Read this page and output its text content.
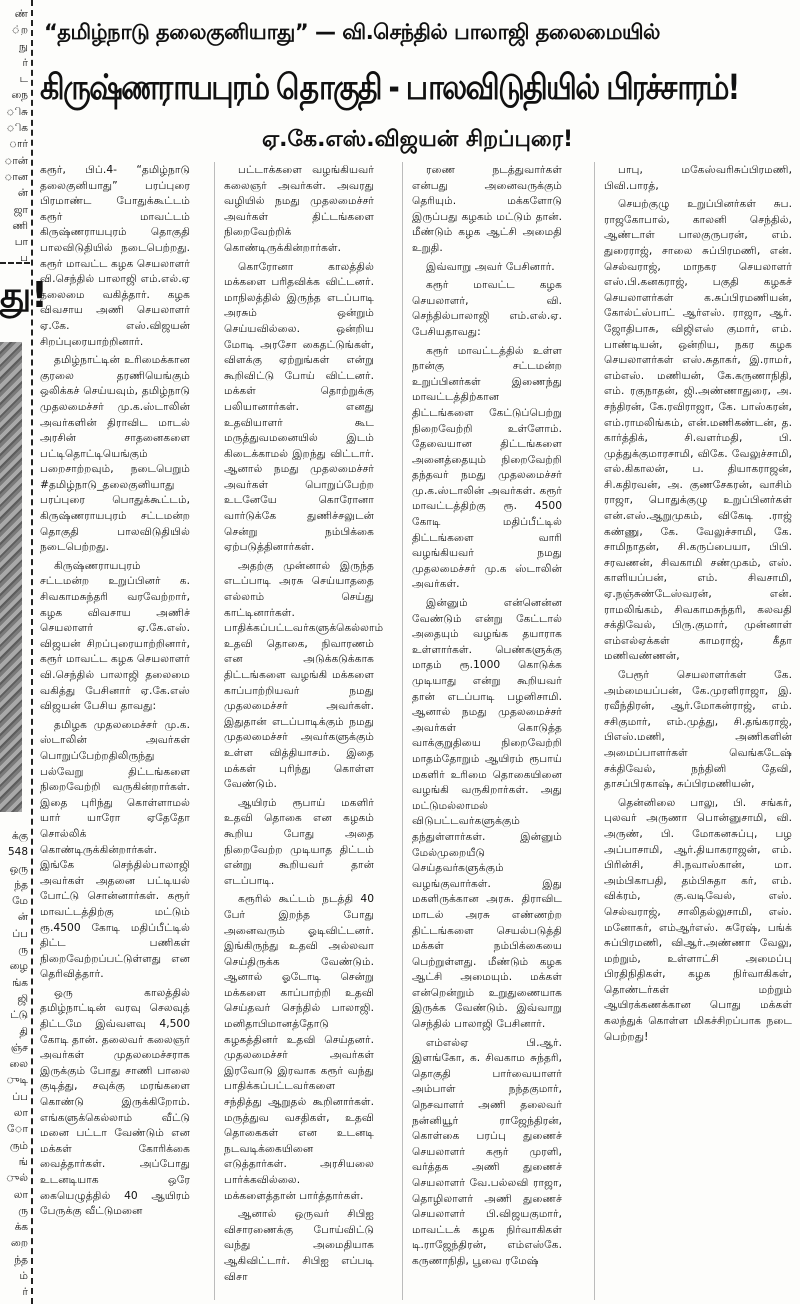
ண்
்ற
நு
ர்
ட
நை
ிசு
ிக
ார்
ான்
ான
ன்
ஜா
ணி
பா
ப
து!
க்கு
548
ஒரு
ந்த
மே
ன்
ப்ப
ரு
ழை
ங்க
ஜி
ட்டு
தி
ஞ்ச
லை
ுடி
ப்ப
லா
ோ
ரும்
ங்
ுல்
லா
ரு
க்க
றை
ந்த
ம்
ர்
“தமிழ்நாடு தலைகுனியாது” — வி.செந்தில் பாலாஜி தலைமையில்
கிருஷ்ணராயபுரம் தொகுதி - பாலவிடுதியில் பிரச்சாரம்!
ஏ.கே.எஸ்.விஜயன் சிறப்புரை!

கரூர், பிப்.4- “தமிழ்நாடு தலைகுனியாது” பரப்புரை பிரமாண்ட போதுக்கூட்டம் கரூர் மாவட்டம் கிருஷ்ணராயபுரம் தொகுதி பாலவிடுதியில் நடைபெற்றது. கரூர் மாவட்ட கழக செயலாளர் வி.செந்தில் பாலாஜி எம்.எல்.ஏ தலைமை வகித்தார். கழக விவசாய அணி செயலாளர் ஏ.கே. எஸ்.விஜயன் சிறப்புரையாற்றினார்.

தமிழ்நாட்டின் உரிமைக்கான குரலை தரணியெங்கும் ஒலிக்கச் செய்யவும், தமிழ்நாடு முதலமைச்சர் மு.க.ஸ்டாலின் அவர்களின் திராவிட மாடல் அரசின் சாதனைகளை பட்டிதொட்டியெங்கும் பறைசாற்றவும், நடைபெறும் #தமிழ்நாடு_தலைகுனியாது பரப்புரை பொதுக்கூட்டம், கிருஷ்ணராயபுரம் சட்டமன்ற தொகுதி பாலவிடுதியில் நடைபெற்றது.

கிருஷ்ணராயபுரம் சட்டமன்ற உறுப்பினர் க. சிவகாமசுந்தரி வரவேற்றார், கழக விவசாய அணிச் செயலாளர் ஏ.கே.எஸ். விஜயன் சிறப்புரையாற்றினார், கரூர் மாவட்ட கழக செயலாளர் வி.செந்தில் பாலாஜி தலைமை வகித்து பேசினார் ஏ.கே.எஸ் விஜயன் பேசிய தாவது:

தமிழக முதலமைச்சர் மு.க. ஸ்டாலின் அவர்கள் பொறுப்பேற்றதிலிருந்து பல்வேறு திட்டங்களை நிறைவேற்றி வருகின்றார்கள். இதை புரிந்து கொள்ளாமல் யார் யாரோ ஏதேதோ சொல்லிக் கொண்டிருக்கின்றார்கள். இங்கே செந்தில்பாலாஜி அவர்கள் அதனை பட்டியல் போட்டு சொன்னார்கள். கரூர் மாவட்டத்திற்கு மட்டும் ரூ.4500 கோடி மதிப்பீட்டில் திட்ட பணிகள் நிறைவேற்றப்பட்டுள்ளது என தெரிவித்தார்.

ஒரு காலத்தில் தமிழ்நாட்டின் வரவு செலவுத் திட்டமே இவ்வளவு 4,500 கோடி தான். தலைவர் கலைஞர் அவர்கள் முதலமைச்சராக இருக்கும் போது சாணி பாலை குடித்து, சவுக்கு மரங்களை கொண்டு இருக்கிறோம். எங்களுக்கெல்லாம் வீட்டு மனை பட்டா வேண்டும் என மக்கள் கோரிக்கை வைத்தார்கள். அப்போது உடனடியாக ஒரே கையெழுத்தில் 40 ஆயிரம் பேருக்கு வீட்டுமனை

பட்டாக்களை வழங்கியவர் கலைஞர் அவர்கள். அவரது வழியில் நமது முதலமைச்சர் அவர்கள் திட்டங்களை நிறைவேற்றிக் கொண்டிருக்கின்றார்கள்.

கொரோனா காலத்தில் மக்களை பரிதவிக்க விட்டனர். மாநிலத்தில் இருந்த எடப்பாடி அரசும் ஒன்றும் செய்யவில்லை. ஒன்றிய மோடி அரசோ கைதட்டுங்கள், விளக்கு ஏற்றுங்கள் என்று கூறிவிட்டு போய் விட்டனர். மக்கள் தொற்றுக்கு பலியானார்கள். எனது உதவியாளர் கூட மருத்துவமனையில் இடம் கிடைக்காமல் இறந்து விட்டார். ஆனால் நமது முதலமைச்சர் அவர்கள் பொறுப்பேற்ற உடனேயே கொரோனா வார்டுக்கே துணிச்சலுடன் சென்று நம்பிக்கை ஏற்படுத்தினார்கள்.

அதற்கு முன்னால் இருந்த எடப்பாடி அரசு செய்யாததை எல்லாம் செய்து காட்டினார்கள். பாதிக்கப்பட்டவர்களுக்கெல்லாம் உதவி தொகை, நிவாரணம் என அடுக்கடுக்காக திட்டங்களை வழங்கி மக்களை காப்பாற்றியவர் நமது முதலமைச்சர் அவர்கள். இதுதான் எடப்பாடிக்கும் நமது முதலமைச்சர் அவர்களுக்கும் உள்ள வித்தியாசம். இதை மக்கள் புரிந்து கொள்ள வேண்டும்.

ஆயிரம் ரூபாய் மகளிர் உதவி தொகை என கழகம் கூறிய போது அதை நிறைவேற்ற முடியாத திட்டம் என்று கூறியவர் தான் எடப்பாடி.

கரூரில் கூட்டம் நடத்தி 40 பேர் இறந்த போது அனைவரும் ஓடிவிட்டனர். இங்கிருந்து உதவி அல்லவா செய்திருக்க வேண்டும். ஆனால் ஓடோடி சென்று மக்களை காப்பாற்றி உதவி செய்தவர் செந்தில் பாலாஜி. மனிதாபிமானத்தோடு கழகத்தினர் உதவி செய்தனர். முதலமைச்சர் அவர்கள் இரவோடு இரவாக கரூர் வந்து பாதிக்கப்பட்டவர்களை சந்தித்து ஆறுதல் கூறினார்கள். மருத்துவ வசதிகள், உதவி தொகைகள் என உடனடி நடவடிக்கையினை எடுத்தார்கள். அரசியலை பார்க்கவில்லை. மக்களைத்தான் பார்த்தார்கள்.

ஆனால் ஒருவர் சிபிஐ விசாரணைக்கு போய்விட்டு வந்து அமைதியாக ஆகிவிட்டார். சிபிஐ எப்படி விசா

ரணை நடத்துவார்கள் என்பது அனைவருக்கும் தெரியும். மக்களோடு இருப்பது கழகம் மட்டும் தான். மீண்டும் கழக ஆட்சி அமைதி உறுதி.

இவ்வாறு அவர் பேசினார்.

கரூர் மாவட்ட கழக செயலாளர், வி. செந்தில்பாலாஜி எம்.எல்.ஏ. பேசியதாவது:

கரூர் மாவட்டத்தில் உள்ள நான்கு சட்டமன்ற உறுப்பினர்கள் இணைந்து மாவட்டத்திற்கான திட்டங்களை கேட்டுப்பெற்று நிறைவேற்றி உள்ளோம். தேவையான திட்டங்களை அனைத்தையும் நிறைவேற்றி தந்தவர் நமது முதலமைச்சர் மு.க.ஸ்டாலின் அவர்கள். கரூர் மாவட்டத்திற்கு ரூ. 4500 கோடி மதிப்பீட்டில் திட்டங்களை வாரி வழங்கியவர் நமது முதலமைச்சர் மு.க ஸ்டாலின் அவர்கள்.

இன்னும் என்னென்ன வேண்டும் என்று கேட்டால் அதையும் வழங்க தயாராக உள்ளார்கள். பெண்களுக்கு மாதம் ரூ.1000 கொடுக்க முடியாது என்று கூறியவர் தான் எடப்பாடி பழனிசாமி. ஆனால் நமது முதலமைச்சர் அவர்கள் கொடுத்த வாக்குறுதியை நிறைவேற்றி மாதம்தோறும் ஆயிரம் ரூபாய் மகளிர் உரிமை தொகையினை வழங்கி வருகிறார்கள். அது மட்டுமல்லாமல் விடுபட்டவர்களுக்கும் தந்துள்ளார்கள். இன்னும் மேல்முறையீடு செய்தவர்களுக்கும் வழங்குவார்கள். இது மகளிருக்கான அரசு. திராவிட மாடல் அரசு எண்ணற்ற திட்டங்களை செயல்படுத்தி மக்கள் நம்பிக்கையை பெற்றுள்ளது. மீண்டும் கழக ஆட்சி அமையும். மக்கள் என்றென்றும் உறுதுணையாக இருக்க வேண்டும். இவ்வாறு செந்தில் பாலாஜி பேசினார்.

எம்எல்ஏ பி.ஆர். இளங்கோ, க. சிவகாம சுந்தரி, தொகுதி பார்வையாளர் அம்பாள் நந்தகுமார், நெசவாளர் அணி தலைவர் நன்னியூர் ராஜேந்திரன், கொள்கை பரப்பு துணைச் செயலாளர் கரூர் முரளி, வர்த்தக அணி துணைச் செயலாளர் வே.பல்லவி ராஜா, தொழிலாளர் அணி துணைச் செயலாளர் பி.விஜயகுமார், மாவட்டக் கழக நிர்வாகிகள் டி.ராஜேந்திரன், எம்எஸ்கே. கருணாநிதி, பூவை ரமேஷ்

பாபு, மகேஸ்வரிசுப்பிரமணி, பிவி.பாரத்,

செயற்குழு உறுப்பினர்கள் சுப. ராஜகோபால், காலனி செந்தில், ஆண்டாள் பாலகுருபரன், எம். துரைராஜ், சாலை சுப்பிரமணி, என். செல்வராஜ், மாநகர செயலாளர் எஸ்.பி.கனகராஜ், பகுதி கழகச் செயலாளர்கள் க.சுப்பிரமணியன், கோல்ட்ஸ்பாட் ஆர்எஸ். ராஜா, ஆர். ஜோதிபாசு, விஜிஎஸ் குமார், எம். பாண்டியன், ஒன்றிய, நகர கழக செயலாளர்கள் எஸ்.சுதாகர், இ.ராமர், எம்எஸ். மணியன், கே.கருணாநிதி, எம். ரகுநாதன், ஜி.அண்ணாதுரை, அ. சந்திரன், கே.ரவிராஜா, கே. பாஸ்கரன், எம்.ராமலிங்கம், என்.மணிகண்டன், த. கார்த்திக், சி.வளர்மதி, பி. முத்துக்குமாரசாமி, விகே. வேலுச்சாமி, எல்.கிகாலன், ப. தியாகராஜன், சி.கதிரவன், அ. குணசேகரன், வாசிம் ராஜா, பொதுக்குழு உறுப்பினர்கள் என்.எஸ்.ஆறுமுகம், விகேடி .ராஜ் கண்ணு, கே. வேலுச்சாமி, கே. சாமிநாதன், சி.கருப்பையா, பிபி. சரவணன், சிவகாமி சண்முகம், எஸ். காளியப்பன், எம். சிவசாமி, ஏ.நஞ்சுண்டேஸ்வரன், என். ராமலிங்கம், சிவகாமசுந்தரி, கலவதி சக்திவேல், பிரு.குமார், முன்னாள் எம்எல்ஏக்கள் காமராஜ், கீதா மணிவண்ணன்,

பேரூர் செயலாளர்கள் கே. அம்மையப்பன், கே.முரளிராஜா, இ. ரவீந்திரன், ஆர்.மோகன்ராஜ், எம். சசிகுமார், எம்.முத்து, சி.தங்கராஜ், பிஎஸ்.மணி, அணிகளின் அமைப்பாளர்கள் வெங்கடேஷ் சக்திவேல், நந்தினி தேவி, தாசப்பிரகாஷ், சுப்பிரமணியன்,

தென்னிலை பாலு, பி. சங்கர், புலவர் அருணா பொன்னுசாமி, வி. அருண், பி. மோகனசுப்பு, பழ அப்பாசாமி, ஆர்.தியாகராஜன், எம். பிரின்சி, சி.நவாஸ்கான், மா. அம்பிகாபதி, தம்பிசுதா கர், எம். விக்ரம், கு.வடிவேல், எஸ். செல்வராஜ், சாலிதல்லுசாமி, எஸ். மனோகர், எம்ஆர்எஸ். சுரேஷ், பங்க் சுப்பிரமணி, விஆர்.அண்ணா வேலு, மற்றும், உள்ளாட்சி அமைப்பு பிரதிநிதிகள், கழக நிர்வாகிகள், தொண்டர்கள் மற்றும் ஆயிரக்கணக்கான பொது மக்கள் கலந்துக் கொள்ள மிகச்சிறப்பாக நடை பெற்றது!
